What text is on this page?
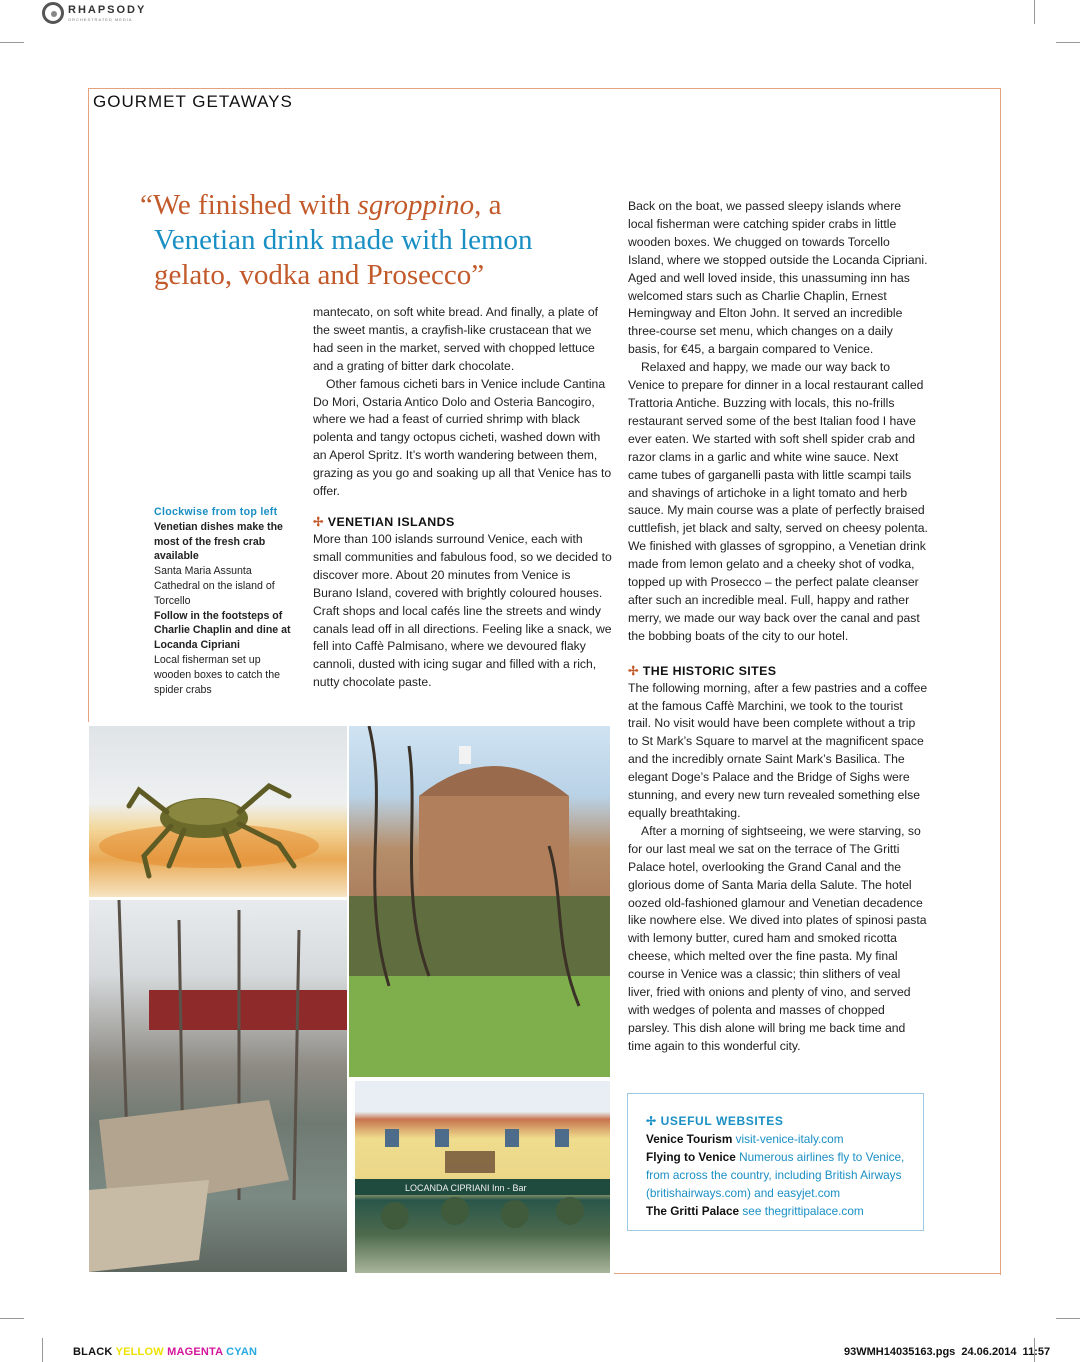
RHAPSODY
ORCHESTRATED MEDIA
GOURMET GETAWAYS
“We finished with sgroppino, a
Venetian drink made with lemon
gelato, vodka and Prosecco”
Clockwise from top left
Venetian dishes make the most of the fresh crab available
Santa Maria Assunta Cathedral on the island of Torcello
Follow in the footsteps of Charlie Chaplin and dine at Locanda Cipriani
Local fisherman set up wooden boxes to catch the spider crabs

mantecato, on soft white bread. And finally, a plate of the sweet mantis, a crayfish-like crustacean that we had seen in the market, served with chopped lettuce and a grating of bitter dark chocolate.

Other famous cicheti bars in Venice include Cantina Do Mori, Ostaria Antico Dolo and Osteria Bancogiro, where we had a feast of curried shrimp with black polenta and tangy octopus cicheti, washed down with an Aperol Spritz. It’s worth wandering between them, grazing as you go and soaking up all that Venice has to offer.

✢ VENETIAN ISLANDS

More than 100 islands surround Venice, each with small communities and fabulous food, so we decided to discover more. About 20 minutes from Venice is Burano Island, covered with brightly coloured houses. Craft shops and local cafés line the streets and windy canals lead off in all directions. Feeling like a snack, we fell into Caffè Palmisano, where we devoured flaky cannoli, dusted with icing sugar and filled with a rich, nutty chocolate paste.

Back on the boat, we passed sleepy islands where local fisherman were catching spider crabs in little wooden boxes. We chugged on towards Torcello Island, where we stopped outside the Locanda Cipriani. Aged and well loved inside, this unassuming inn has welcomed stars such as Charlie Chaplin, Ernest Hemingway and Elton John. It served an incredible three-course set menu, which changes on a daily basis, for €45, a bargain compared to Venice.

Relaxed and happy, we made our way back to Venice to prepare for dinner in a local restaurant called Trattoria Antiche. Buzzing with locals, this no-frills restaurant served some of the best Italian food I have ever eaten. We started with soft shell spider crab and razor clams in a garlic and white wine sauce. Next came tubes of garganelli pasta with little scampi tails and shavings of artichoke in a light tomato and herb sauce. My main course was a plate of perfectly braised cuttlefish, jet black and salty, served on cheesy polenta. We finished with glasses of sgroppino, a Venetian drink made from lemon gelato and a cheeky shot of vodka, topped up with Prosecco – the perfect palate cleanser after such an incredible meal. Full, happy and rather merry, we made our way back over the canal and past the bobbing boats of the city to our hotel.

✢ THE HISTORIC SITES

The following morning, after a few pastries and a coffee at the famous Caffè Marchini, we took to the tourist trail. No visit would have been complete without a trip to St Mark’s Square to marvel at the magnificent space and the incredibly ornate Saint Mark’s Basilica. The elegant Doge’s Palace and the Bridge of Sighs were stunning, and every new turn revealed something else equally breathtaking.

After a morning of sightseeing, we were starving, so for our last meal we sat on the terrace of The Gritti Palace hotel, overlooking the Grand Canal and the glorious dome of Santa Maria della Salute. The hotel oozed old-fashioned glamour and Venetian decadence like nowhere else. We dived into plates of spinosi pasta with lemony butter, cured ham and smoked ricotta cheese, which melted over the fine pasta. My final course in Venice was a classic; thin slithers of veal liver, fried with onions and plenty of vino, and served with wedges of polenta and masses of chopped parsley. This dish alone will bring me back time and time again to this wonderful city.

LOCANDA CIPRIANI Inn - Bar
✢ USEFUL WEBSITES
Venice Tourism visit-venice-italy.com
Flying to Venice Numerous airlines fly to Venice, from across the country, including British Airways (britishairways.com) and easyjet.com
The Gritti Palace see thegrittipalace.com
BLACK YELLOW MAGENTA CYAN	93WMH14035163.pgs  24.06.2014  11:57
